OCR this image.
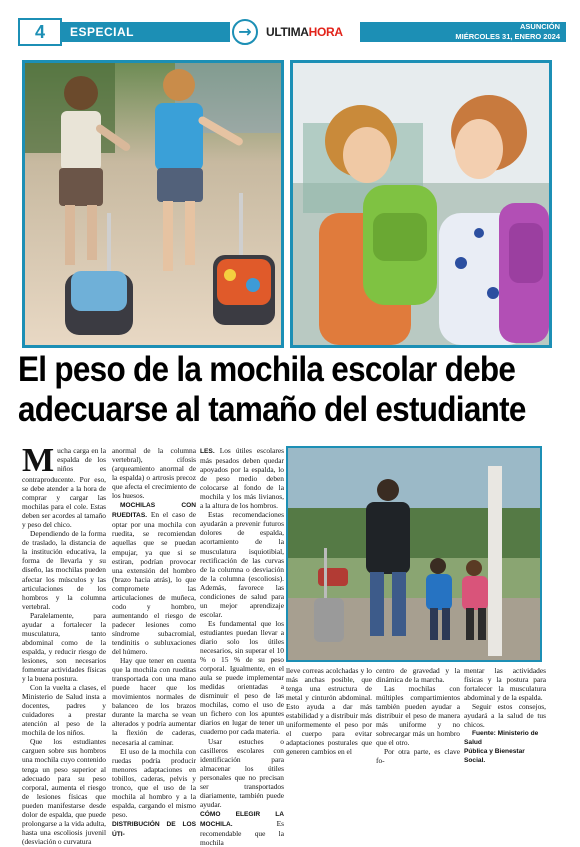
4	ESPECIAL	→	ULTIMAHORA	ASUNCIÓN
MIÉRCOLES 31, ENERO 2024
El peso de la mochila escolar debe
adecuarse al tamaño del estudiante

Mucha carga en la espalda de los niños es contraproducente. Por eso, se debe atender a la hora de comprar y cargar las mochilas para el cole. Estas deben ser acordes al tamaño y peso del chico.

Dependiendo de la forma de traslado, la distancia de la institución educativa, la forma de llevarla y su diseño, las mochilas pueden afectar los músculos y las articulaciones de los hombros y la columna vertebral.

Paralelamente, para ayudar a fortalecer la musculatura, tanto abdominal como de la espalda, y reducir riesgo de lesiones, son necesarios fomentar actividades físicas y la buena postura.

Con la vuelta a clases, el Ministerio de Salud insta a docentes, padres y cuidadores a prestar atención al peso de la mochila de los niños.

Que los estudiantes carguen sobre sus hombros una mochila cuyo contenido tenga un peso superior al adecuado para su peso corporal, aumenta el riesgo de lesiones físicas que pueden manifestarse desde dolor de espalda, que puede prolongarse a la vida adulta, hasta una escoliosis juvenil (desviación o curvatura

anormal de la columna vertebral), cifosis (arqueamiento anormal de la espalda) o artrosis precoz que afecta el crecimiento de los huesos.

MOCHILAS CON RUEDITAS. En el caso de optar por una mochila con ruedita, se recomiendan aquellas que se puedan empujar, ya que si se estiran, podrían provocar una extensión del hombro (brazo hacia atrás), lo que compromete las articulaciones de muñeca, codo y hombro, aumentando el riesgo de padecer lesiones como síndrome subacromial, tendinitis o subluxaciones del húmero.

Hay que tener en cuenta que la mochila con rueditas transportada con una mano puede hacer que los movimientos normales de balanceo de los brazos durante la marcha se vean alterados y podría aumentar la flexión de caderas, necesaria al caminar.

El uso de la mochila con ruedas podría producir menores adaptaciones en tobillos, caderas, pelvis y tronco, que el uso de la mochila al hombro y a la espalda, cargando el mismo peso.

DISTRIBUCIÓN DE LOS ÚTI-

LES. Los útiles escolares más pesados deben quedar apoyados por la espalda, lo de peso medio deben colocarse al fondo de la mochila y los más livianos, a la altura de los hombros.

Estas recomendaciones ayudarán a prevenir futuros dolores de espalda, acortamiento de la musculatura isquiotibial, rectificación de las curvas de la columna o desviación de la columna (escoliosis). Además, favorece las condiciones de salud para un mejor aprendizaje escolar.

Es fundamental que los estudiantes puedan llevar a diario solo los útiles necesarios, sin superar el 10 % o 15 % de su peso corporal. Igualmente, en el aula se puede implementar medidas orientadas a disminuir el peso de las mochilas, como el uso de un fichero con los apuntes diarios en lugar de tener un cuaderno por cada materia.

Usar estuches o casilleros escolares con identificación para almacenar los útiles personales que no precisan ser transportados diariamente, también puede ayudar.

CÓMO ELEGIR LA MOCHILA. Es recomendable que la mochila

lleve correas acolchadas y lo más anchas posible, que tenga una estructura de metal y cinturón abdominal. Esto ayuda a dar más estabilidad y a distribuir más uniformemente el peso por el cuerpo para evitar adaptaciones posturales que generen cambios en el

centro de gravedad y la dinámica de la marcha.

Las mochilas con múltiples compartimientos también pueden ayudar a distribuir el peso de manera más uniforme y no sobrecargar más un hombro que el otro.

Por otra parte, es clave fo-

mentar las actividades físicas y la postura para fortalecer la musculatura abdominal y de la espalda.

Seguir estos consejos, ayudará a la salud de tus chicos.

Fuente: Ministerio de Salud
Pública y Bienestar Social.
